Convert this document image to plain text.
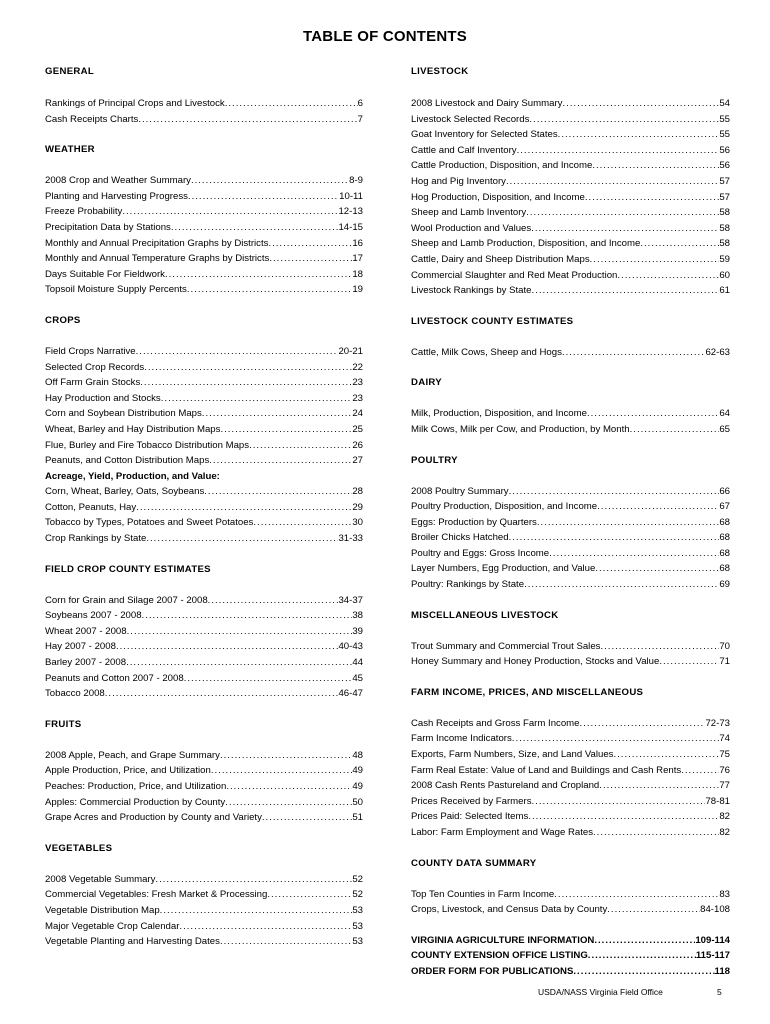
TABLE OF CONTENTS
GENERAL
Rankings of Principal Crops and Livestock .....	6
Cash Receipts Charts .....	7
WEATHER
2008 Crop and Weather Summary .....	8-9
Planting and Harvesting Progress .....	10-11
Freeze Probability .....	12-13
Precipitation Data by Stations .....	14-15
Monthly and Annual Precipitation Graphs by Districts .....	16
Monthly and Annual Temperature Graphs by Districts .....	17
Days Suitable For Fieldwork .....	18
Topsoil Moisture Supply Percents .....	19
CROPS
Field Crops Narrative .....	20-21
Selected Crop Records .....	22
Off Farm Grain Stocks .....	23
Hay Production and Stocks .....	23
Corn and Soybean Distribution Maps .....	24
Wheat, Barley and Hay Distribution Maps .....	25
Flue, Burley and Fire Tobacco Distribution Maps .....	26
Peanuts, and Cotton Distribution Maps .....	27
Acreage, Yield, Production, and Value:
Corn, Wheat, Barley, Oats, Soybeans .....	28
Cotton, Peanuts, Hay .....	29
Tobacco by Types, Potatoes and Sweet Potatoes .....	30
Crop Rankings by State .....	31-33
FIELD CROP COUNTY ESTIMATES
Corn for Grain and Silage 2007 - 2008 .....	34-37
Soybeans 2007 - 2008 .....	38
Wheat 2007 - 2008 .....	39
Hay 2007 - 2008 .....	40-43
Barley 2007 - 2008 .....	44
Peanuts and Cotton 2007 - 2008 .....	45
Tobacco 2008 .....	46-47
FRUITS
2008 Apple, Peach, and Grape Summary .....	48
Apple Production, Price, and Utilization .....	49
Peaches: Production, Price, and Utilization .....	49
Apples: Commercial Production by County .....	50
Grape Acres and Production by County and Variety .....	51
VEGETABLES
2008 Vegetable Summary .....	52
Commercial Vegetables: Fresh Market & Processing .....	52
Vegetable Distribution Map .....	53
Major Vegetable Crop Calendar .....	53
Vegetable Planting and Harvesting Dates .....	53
LIVESTOCK
2008 Livestock and Dairy Summary .....	54
Livestock Selected Records .....	55
Goat Inventory for Selected States .....	55
Cattle and Calf Inventory .....	56
Cattle Production, Disposition, and Income .....	56
Hog and Pig Inventory .....	57
Hog Production, Disposition, and Income .....	57
Sheep and Lamb Inventory .....	58
Wool Production and Values .....	58
Sheep and Lamb Production, Disposition, and Income .....	58
Cattle, Dairy and Sheep Distribution Maps .....	59
Commercial Slaughter and Red Meat Production .....	60
Livestock Rankings by State .....	61
LIVESTOCK COUNTY ESTIMATES
Cattle, Milk Cows, Sheep and Hogs .....	62-63
DAIRY
Milk, Production, Disposition, and Income .....	64
Milk Cows, Milk per Cow, and Production, by Month .....	65
POULTRY
2008 Poultry Summary .....	66
Poultry Production, Disposition, and Income .....	67
Eggs: Production by Quarters .....	68
Broiler Chicks Hatched .....	68
Poultry and Eggs: Gross Income .....	68
Layer Numbers, Egg Production, and Value .....	68
Poultry: Rankings by State .....	69
MISCELLANEOUS LIVESTOCK
Trout Summary and Commercial Trout Sales .....	70
Honey Summary and Honey Production, Stocks and Value .....	71
FARM INCOME, PRICES, AND MISCELLANEOUS
Cash Receipts and Gross Farm Income .....	72-73
Farm Income Indicators .....	74
Exports, Farm Numbers, Size, and Land Values .....	75
Farm Real Estate: Value of Land and Buildings and Cash Rents .....	76
2008 Cash Rents Pastureland and Cropland .....	77
Prices Received by Farmers .....	78-81
Prices Paid: Selected Items .....	82
Labor: Farm Employment and Wage Rates .....	82
COUNTY DATA SUMMARY
Top Ten Counties in Farm Income .....	83
Crops, Livestock, and Census Data by County .....	84-108
VIRGINIA AGRICULTURE INFORMATION .....	109-114
COUNTY EXTENSION OFFICE LISTING .....	115-117
ORDER FORM FOR PUBLICATIONS .....	118
USDA/NASS Virginia Field Office	5
